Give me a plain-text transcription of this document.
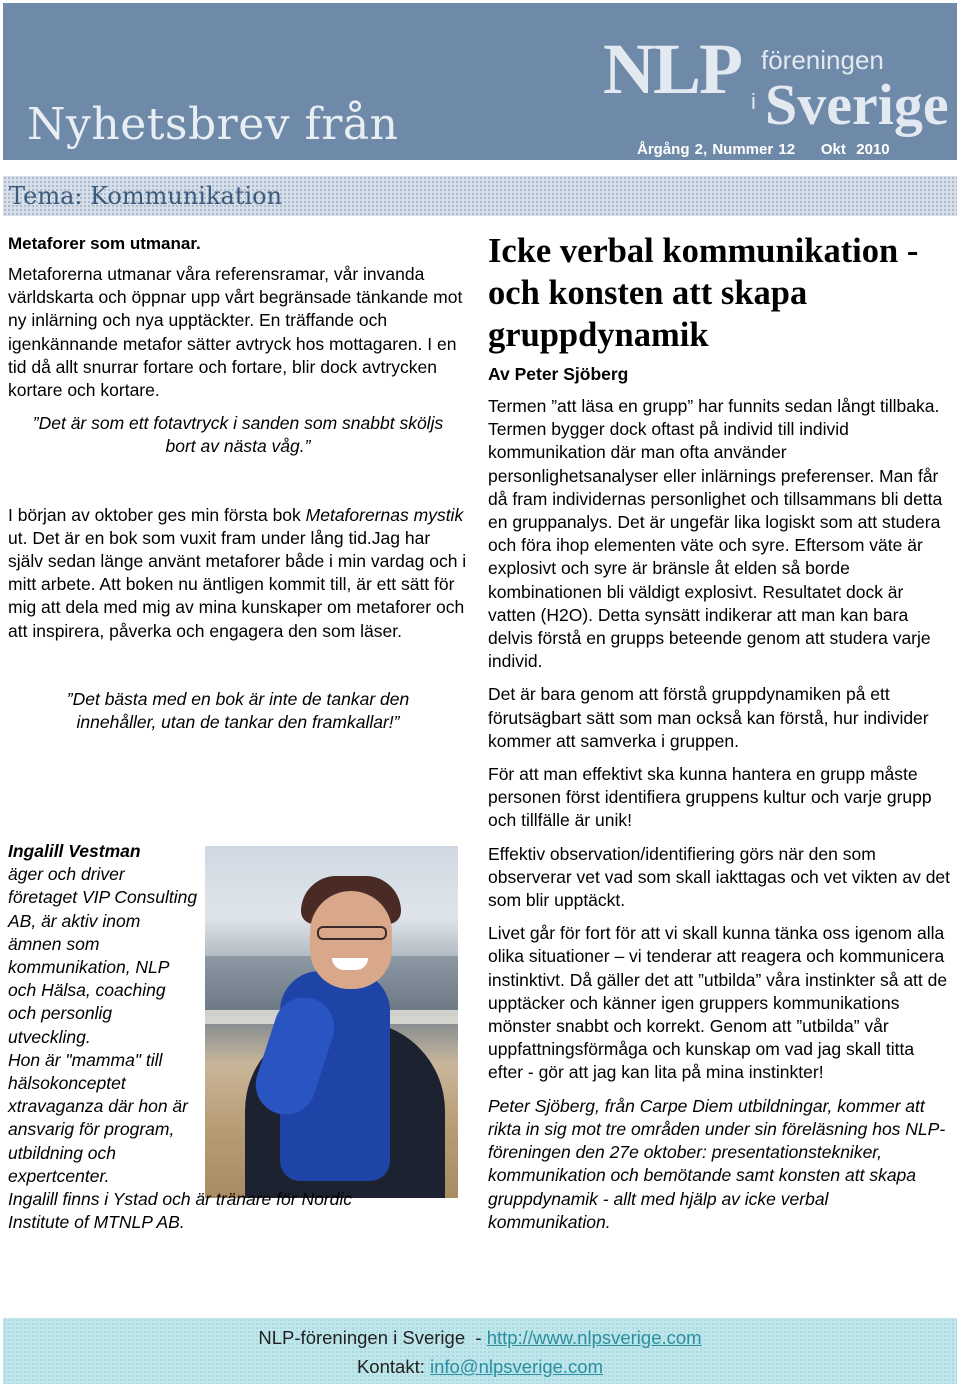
Nyhetsbrev från
NLP föreningen
i Sverige
Årgång 2, Nummer 12     Okt  2010
Tema: Kommunikation
Metaforer som utmanar.

Metaforerna utmanar våra referensramar, vår invanda världskarta och öppnar upp vårt begränsade tänkande mot ny inlärning och nya upptäckter. En träffande och igenkännande metafor sätter avtryck hos mottagaren. I en tid då allt snurrar fortare och fortare, blir dock avtrycken kortare och kortare.

”Det är som ett fotavtryck i sanden som snabbt sköljs bort av nästa våg.”

I början av oktober ges min första bok Metaforernas mystik ut. Det är en bok som vuxit fram under lång tid.Jag har själv sedan länge använt metaforer både i min vardag och i mitt arbete. Att boken nu äntligen kommit till, är ett sätt för mig att dela med mig av mina kunskaper om metaforer och att inspirera, påverka och engagera den som läser.

”Det bästa med en bok är inte de tankar den innehåller, utan de tankar den framkallar!”

Ingalill Vestman
äger och driver företaget VIP Consulting AB, är aktiv inom ämnen som kommunikation, NLP och Hälsa, coaching och personlig utveckling.
Hon är "mamma" till hälsokonceptet xtravaganza där hon är ansvarig för program, utbildning och expertcenter.
Ingalill finns i Ystad och är tränare för Nordic Institute of MTNLP AB.
Icke verbal kommunikation - och konsten att skapa gruppdynamik
Av Peter Sjöberg

Termen ”att läsa en grupp” har funnits sedan långt tillbaka. Termen bygger dock oftast på individ till individ kommunikation där man ofta använder personlighetsanalyser eller inlärnings preferenser. Man får då fram individernas personlighet och tillsammans bli detta en gruppanalys. Det är ungefär lika logiskt som att studera och föra ihop elementen väte och syre. Eftersom väte är explosivt och syre är bränsle åt elden så borde kombinationen bli väldigt explosivt. Resultatet dock är vatten (H2O). Detta synsätt indikerar att man kan bara delvis förstå en grupps beteende genom att studera varje individ.

Det är bara genom att förstå gruppdynamiken på ett förutsägbart sätt som man också kan förstå, hur individer kommer att samverka i gruppen.

För att man effektivt ska kunna hantera en grupp måste personen först identifiera gruppens kultur och varje grupp och tillfälle är unik!

Effektiv observation/identifiering görs när den som observerar vet vad som skall iakttagas och vet vikten av det som blir upptäckt.

Livet går för fort för att vi skall kunna tänka oss igenom alla olika situationer – vi tenderar att reagera och kommunicera instinktivt. Då gäller det att ”utbilda” våra instinkter så att de upptäcker och känner igen gruppers kommunikations mönster snabbt och korrekt. Genom att ”utbilda” vår uppfattningsförmåga och kunskap om vad jag skall titta efter - gör att jag kan lita på mina instinkter!

Peter Sjöberg, från Carpe Diem utbildningar, kommer att rikta in sig mot tre områden under sin föreläsning hos NLP-föreningen den 27e oktober: presentationstekniker, kommunikation och bemötande samt konsten att skapa gruppdynamik - allt med hjälp av icke verbal kommunikation.

NLP-föreningen i Sverige  - http://www.nlpsverige.com
Kontakt: info@nlpsverige.com
